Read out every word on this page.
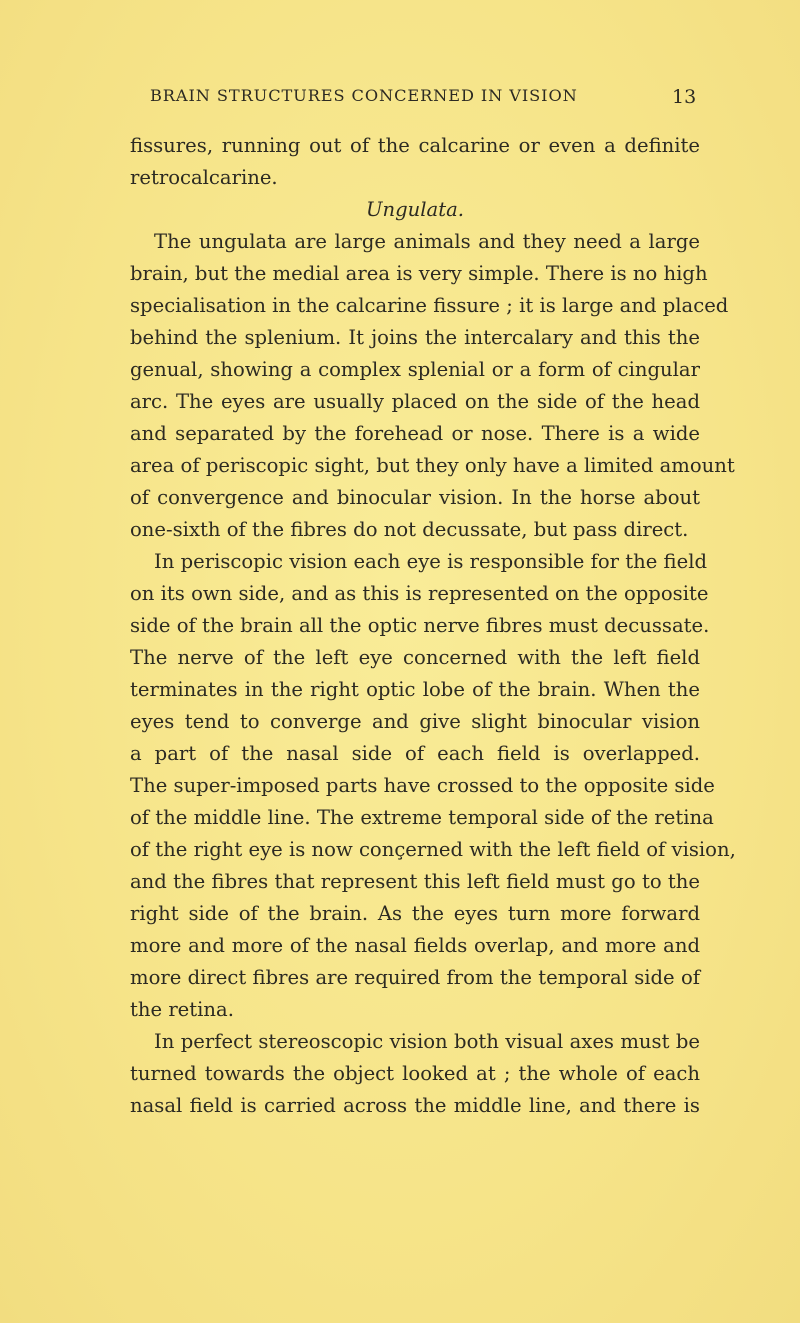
BRAIN STRUCTURES CONCERNED IN VISION	13
fissures, running out of the calcarine or even a definite
retrocalcarine.
Ungulata.
The ungulata are large animals and they need a large
brain, but the medial area is very simple. There is no high
specialisation in the calcarine fissure ; it is large and placed
behind the splenium. It joins the intercalary and this the
genual, showing a complex splenial or a form of cingular
arc. The eyes are usually placed on the side of the head
and separated by the forehead or nose. There is a wide
area of periscopic sight, but they only have a limited amount
of convergence and binocular vision. In the horse about
one-sixth of the fibres do not decussate, but pass direct.
In periscopic vision each eye is responsible for the field
on its own side, and as this is represented on the opposite
side of the brain all the optic nerve fibres must decussate.
The nerve of the left eye concerned with the left field
terminates in the right optic lobe of the brain. When the
eyes tend to converge and give slight binocular vision
a part of the nasal side of each field is overlapped.
The super-imposed parts have crossed to the opposite side
of the middle line. The extreme temporal side of the retina
of the right eye is now conçerned with the left field of vision,
and the fibres that represent this left field must go to the
right side of the brain. As the eyes turn more forward
more and more of the nasal fields overlap, and more and
more direct fibres are required from the temporal side of
the retina.
In perfect stereoscopic vision both visual axes must be
turned towards the object looked at ; the whole of each
nasal field is carried across the middle line, and there is
